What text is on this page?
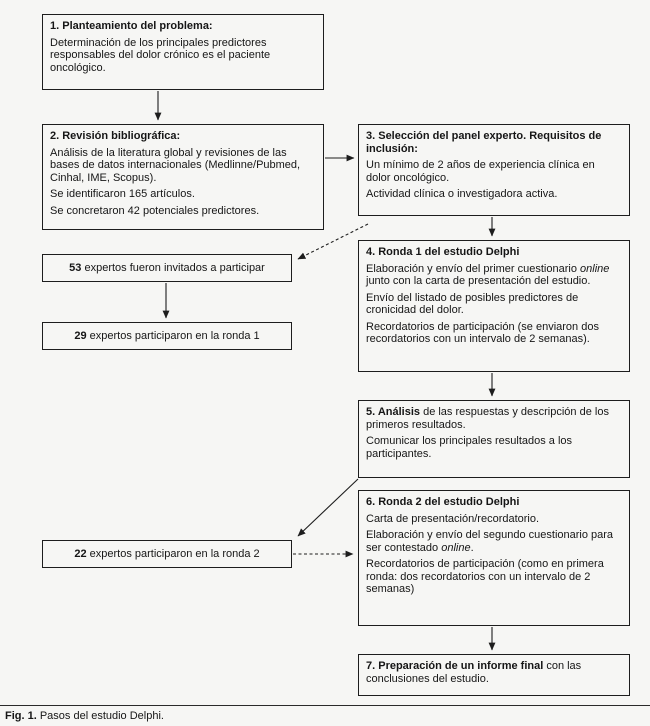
1. Planteamiento del problema:
Determinación de los principales predictores responsables del dolor crónico es el paciente oncológico.
2. Revisión bibliográfica:
Análisis de la literatura global y revisiones de las bases de datos internacionales (Medlinne/Pubmed, Cinhal, IME, Scopus).
Se identificaron 165 artículos.
Se concretaron 42 potenciales predictores.
3. Selección del panel experto. Requisitos de inclusión:
Un mínimo de 2 años de experiencia clínica en dolor oncológico.
Actividad clínica o investigadora activa.
53 expertos fueron invitados a participar
29 expertos participaron en la ronda 1
4. Ronda 1 del estudio Delphi
Elaboración y envío del primer cuestionario online junto con la carta de presentación del estudio.
Envío del listado de posibles predictores de cronicidad del dolor.
Recordatorios de participación (se enviaron dos recordatorios con un intervalo de 2 semanas).
5. Análisis de las respuestas y descripción de los primeros resultados.
Comunicar los principales resultados a los participantes.
22 expertos participaron en la ronda 2
6. Ronda 2 del estudio Delphi
Carta de presentación/recordatorio.
Elaboración y envío del segundo cuestionario para ser contestado online.
Recordatorios de participación (como en primera ronda: dos recordatorios con un intervalo de 2 semanas)
7. Preparación de un informe final con las conclusiones del estudio.
Fig. 1. Pasos del estudio Delphi.
